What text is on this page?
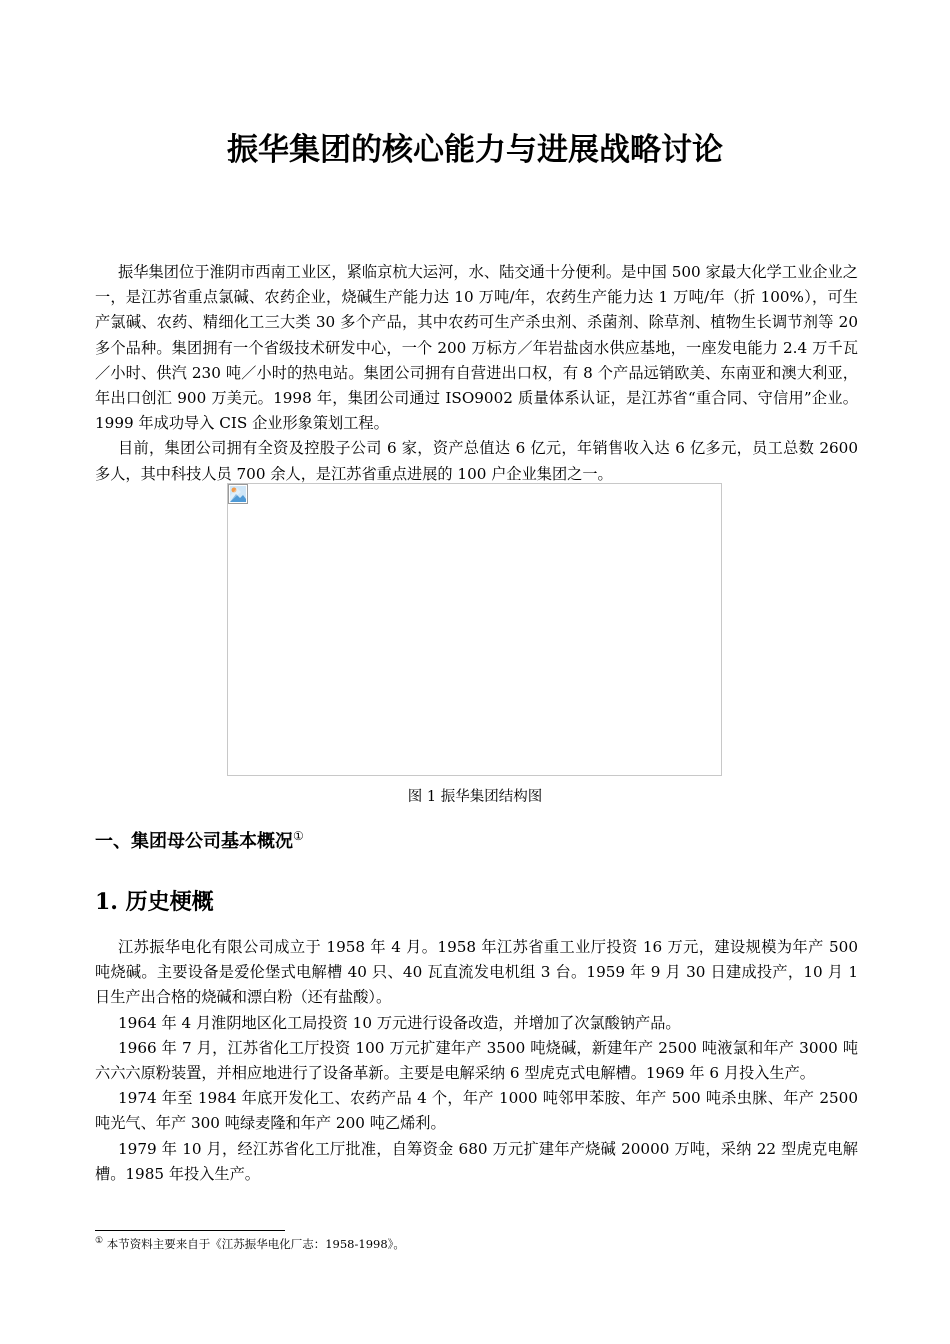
振华集团的核心能力与进展战略讨论

振华集团位于淮阴市西南工业区，紧临京杭大运河，水、陆交通十分便利。是中国 500 家最大化学工业企业之一，是江苏省重点氯碱、农药企业，烧碱生产能力达 10 万吨/年，农药生产能力达 1 万吨/年（折 100%），可生产氯碱、农药、精细化工三大类 30 多个产品，其中农药可生产杀虫剂、杀菌剂、除草剂、植物生长调节剂等 20 多个品种。集团拥有一个省级技术研发中心，一个 200 万标方／年岩盐卤水供应基地，一座发电能力 2.4 万千瓦／小时、供汽 230 吨／小时的热电站。集团公司拥有自营进出口权，有 8 个产品远销欧美、东南亚和澳大利亚，年出口创汇 900 万美元。1998 年，集团公司通过 ISO9002 质量体系认证，是江苏省“重合同、守信用”企业。1999 年成功导入 CIS 企业形象策划工程。

目前，集团公司拥有全资及控股子公司 6 家，资产总值达 6 亿元，年销售收入达 6 亿多元，员工总数 2600 多人，其中科技人员 700 余人，是江苏省重点进展的 100 户企业集团之一。

图 1 振华集团结构图
一、集团母公司基本概况①
1. 历史梗概

江苏振华电化有限公司成立于 1958 年 4 月。1958 年江苏省重工业厅投资 16 万元，建设规模为年产 500 吨烧碱。主要设备是爱伦堡式电解槽 40 只、40 瓦直流发电机组 3 台。1959 年 9 月 30 日建成投产，10 月 1 日生产出合格的烧碱和漂白粉（还有盐酸）。

1964 年 4 月淮阴地区化工局投资 10 万元进行设备改造，并增加了次氯酸钠产品。

1966 年 7 月，江苏省化工厅投资 100 万元扩建年产 3500 吨烧碱，新建年产 2500 吨液氯和年产 3000 吨六六六原粉装置，并相应地进行了设备革新。主要是电解采纳 6 型虎克式电解槽。1969 年 6 月投入生产。

1974 年至 1984 年底开发化工、农药产品 4 个，年产 1000 吨邻甲苯胺、年产 500 吨杀虫脒、年产 2500 吨光气、年产 300 吨绿麦隆和年产 200 吨乙烯利。

1979 年 10 月，经江苏省化工厅批准，自筹资金 680 万元扩建年产烧碱 20000 万吨，采纳 22 型虎克电解槽。1985 年投入生产。

① 本节资料主要来自于《江苏振华电化厂志：1958-1998》。
